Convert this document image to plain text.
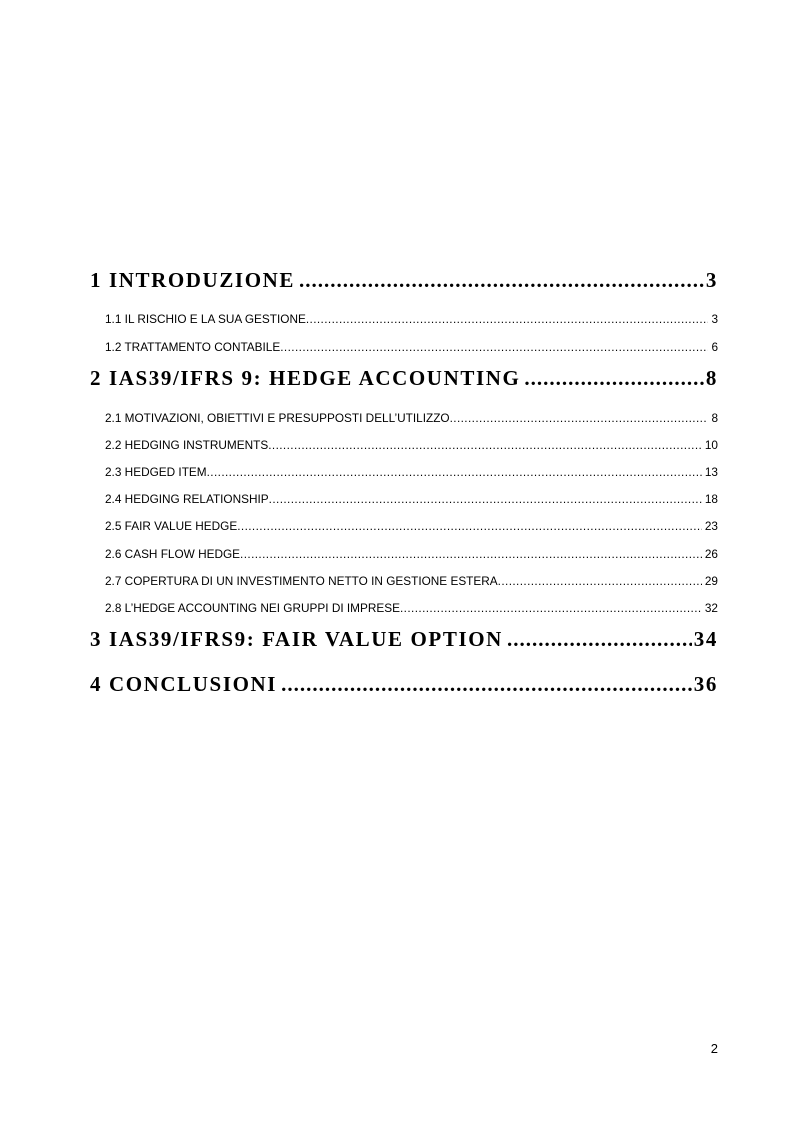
1 INTRODUZIONE .....	3
1.1 IL RISCHIO E LA SUA GESTIONE .....	3
1.2 TRATTAMENTO CONTABILE .....	6
2 IAS39/IFRS 9: HEDGE ACCOUNTING .....	8
2.1 MOTIVAZIONI, OBIETTIVI E PRESUPPOSTI DELL’UTILIZZO .....	8
2.2 HEDGING INSTRUMENTS .....	10
2.3 HEDGED ITEM .....	13
2.4 HEDGING RELATIONSHIP .....	18
2.5 FAIR VALUE HEDGE .....	23
2.6 CASH FLOW HEDGE .....	26
2.7 COPERTURA DI UN INVESTIMENTO NETTO IN GESTIONE ESTERA .....	29
2.8 L’HEDGE ACCOUNTING NEI GRUPPI DI IMPRESE .....	32
3 IAS39/IFRS9: FAIR VALUE OPTION .....	34
4 CONCLUSIONI .....	36
2
